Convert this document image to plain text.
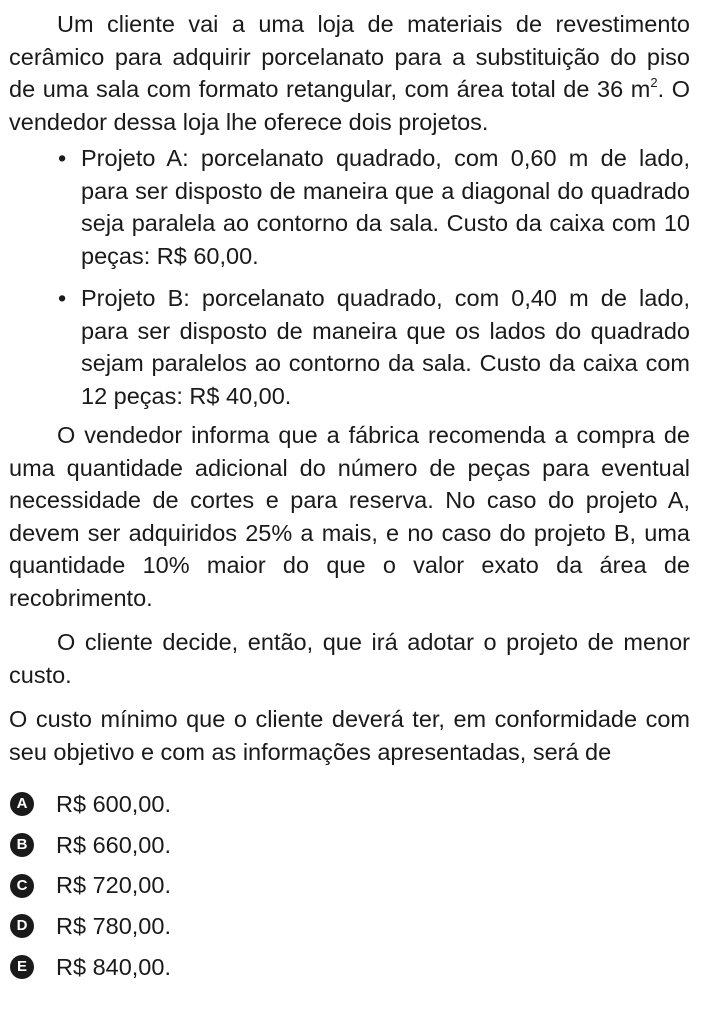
Um cliente vai a uma loja de materiais de revestimento cerâmico para adquirir porcelanato para a substituição do piso de uma sala com formato retangular, com área total de 36 $m^2$. O vendedor dessa loja lhe oferece dois projetos.

• Projeto A: porcelanato quadrado, com 0,60 m de lado, para ser disposto de maneira que a diagonal do quadrado seja paralela ao contorno da sala. Custo da caixa com 10 peças: R$ 60,00.
• Projeto B: porcelanato quadrado, com 0,40 m de lado, para ser disposto de maneira que os lados do quadrado sejam paralelos ao contorno da sala. Custo da caixa com 12 peças: R$ 40,00.

O vendedor informa que a fábrica recomenda a compra de uma quantidade adicional do número de peças para eventual necessidade de cortes e para reserva. No caso do projeto A, devem ser adquiridos 25% a mais, e no caso do projeto B, uma quantidade 10% maior do que o valor exato da área de recobrimento.

O cliente decide, então, que irá adotar o projeto de menor custo.

O custo mínimo que o cliente deverá ter, em conformidade com seu objetivo e com as informações apresentadas, será de

A R$ 600,00.
B R$ 660,00.
C R$ 720,00.
D R$ 780,00.
E R$ 840,00.
